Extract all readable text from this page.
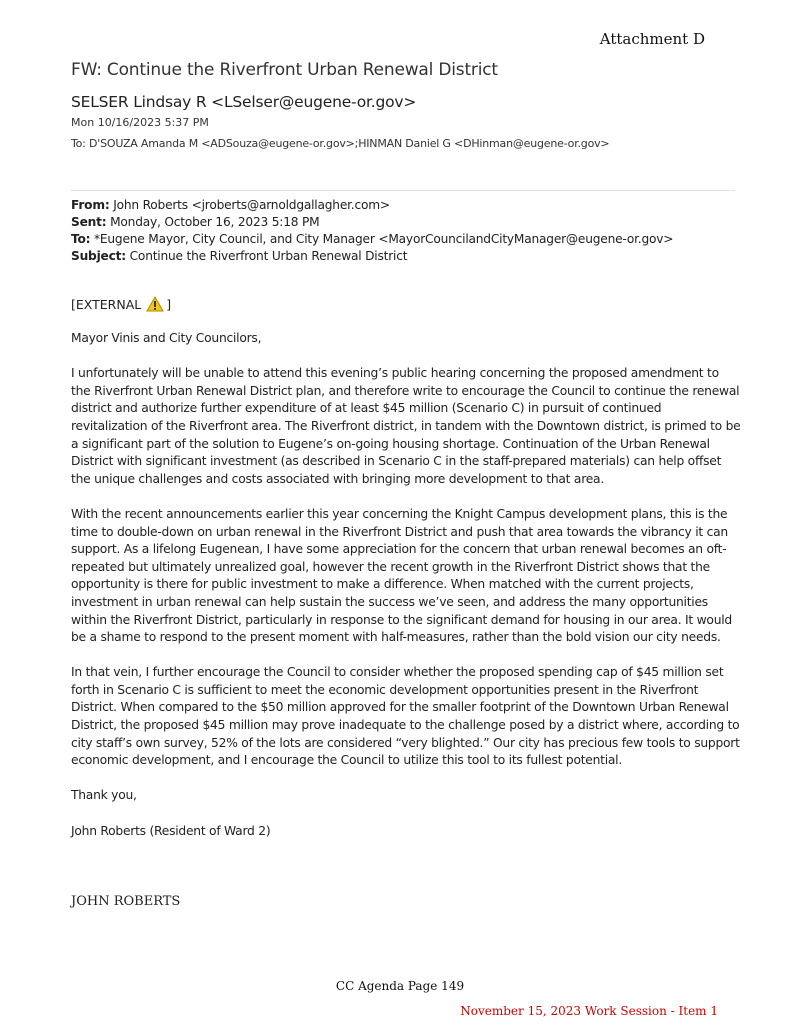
Attachment D
FW: Continue the Riverfront Urban Renewal District
SELSER Lindsay R <LSelser@eugene-or.gov>
Mon 10/16/2023 5:37 PM
To: D'SOUZA Amanda M <ADSouza@eugene-or.gov>;HINMAN Daniel G <DHinman@eugene-or.gov>
From: John Roberts <jroberts@arnoldgallagher.com>
Sent: Monday, October 16, 2023 5:18 PM
To: *Eugene Mayor, City Council, and City Manager <MayorCouncilandCityManager@eugene-or.gov>
Subject: Continue the Riverfront Urban Renewal District
[EXTERNAL ]

Mayor Vinis and City Councilors,

I unfortunately will be unable to attend this evening’s public hearing concerning the proposed amendment to the Riverfront Urban Renewal District plan, and therefore write to encourage the Council to continue the renewal district and authorize further expenditure of at least $45 million (Scenario C) in pursuit of continued revitalization of the Riverfront area. The Riverfront district, in tandem with the Downtown district, is primed to be a significant part of the solution to Eugene’s on-going housing shortage. Continuation of the Urban Renewal District with significant investment (as described in Scenario C in the staff-prepared materials) can help offset the unique challenges and costs associated with bringing more development to that area.

With the recent announcements earlier this year concerning the Knight Campus development plans, this is the time to double-down on urban renewal in the Riverfront District and push that area towards the vibrancy it can support. As a lifelong Eugenean, I have some appreciation for the concern that urban renewal becomes an oft-repeated but ultimately unrealized goal, however the recent growth in the Riverfront District shows that the opportunity is there for public investment to make a difference. When matched with the current projects, investment in urban renewal can help sustain the success we’ve seen, and address the many opportunities within the Riverfront District, particularly in response to the significant demand for housing in our area. It would be a shame to respond to the present moment with half-measures, rather than the bold vision our city needs.

In that vein, I further encourage the Council to consider whether the proposed spending cap of $45 million set forth in Scenario C is sufficient to meet the economic development opportunities present in the Riverfront District. When compared to the $50 million approved for the smaller footprint of the Downtown Urban Renewal District, the proposed $45 million may prove inadequate to the challenge posed by a district where, according to city staff’s own survey, 52% of the lots are considered “very blighted.” Our city has precious few tools to support economic development, and I encourage the Council to utilize this tool to its fullest potential.

Thank you,

John Roberts (Resident of Ward 2)

JOHN ROBERTS
CC Agenda Page 149
November 15, 2023 Work Session - Item 1
